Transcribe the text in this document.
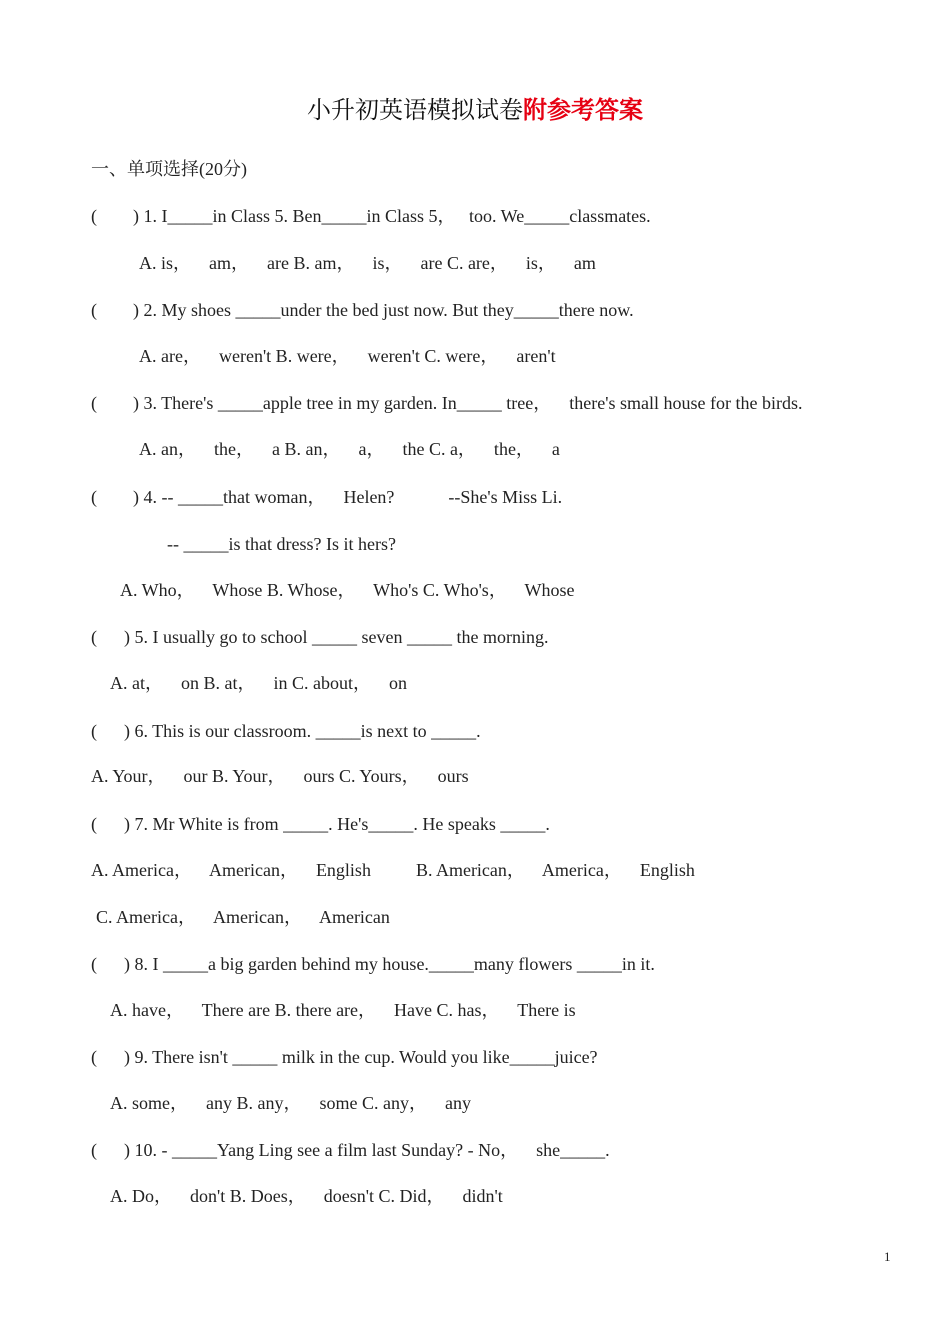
小升初英语模拟试卷附参考答案
一、单项选择(20分)
(        ) 1. I_____in Class 5. Ben_____in Class 5，   too. We_____classmates.
A. is，    am，    are B. am，    is，    are C. are，    is，    am
(        ) 2. My shoes _____under the bed just now. But they_____there now.
A. are，    weren't B. were，    weren't C. were，    aren't
(        ) 3. There's _____apple tree in my garden. In_____ tree，    there's small house for the birds.
A. an，    the，    a B. an，    a，    the C. a，    the，    a
(        ) 4. -- _____that woman，    Helen?            --She's Miss Li.
-- _____is that dress? Is it hers?
A. Who，    Whose B. Whose，    Who's C. Who's，    Whose
(      ) 5. I usually go to school _____ seven _____ the morning.
A. at，    on B. at，    in C. about，    on
(      ) 6. This is our classroom. _____is next to _____.
A. Your，    our B. Your，    ours C. Yours，    ours
(      ) 7. Mr White is from _____. He's_____. He speaks _____.
A. America，    American，    English          B. American，    America，    English
C. America，    American，    American
(      ) 8. I _____a big garden behind my house._____many flowers _____in it.
A. have，    There are B. there are，    Have C. has，    There is
(      ) 9. There isn't _____ milk in the cup. Would you like_____juice?
A. some，    any B. any，    some C. any，    any
(      ) 10. - _____Yang Ling see a film last Sunday? - No，    she_____.
A. Do，    don't B. Does，    doesn't C. Did，    didn't
1
